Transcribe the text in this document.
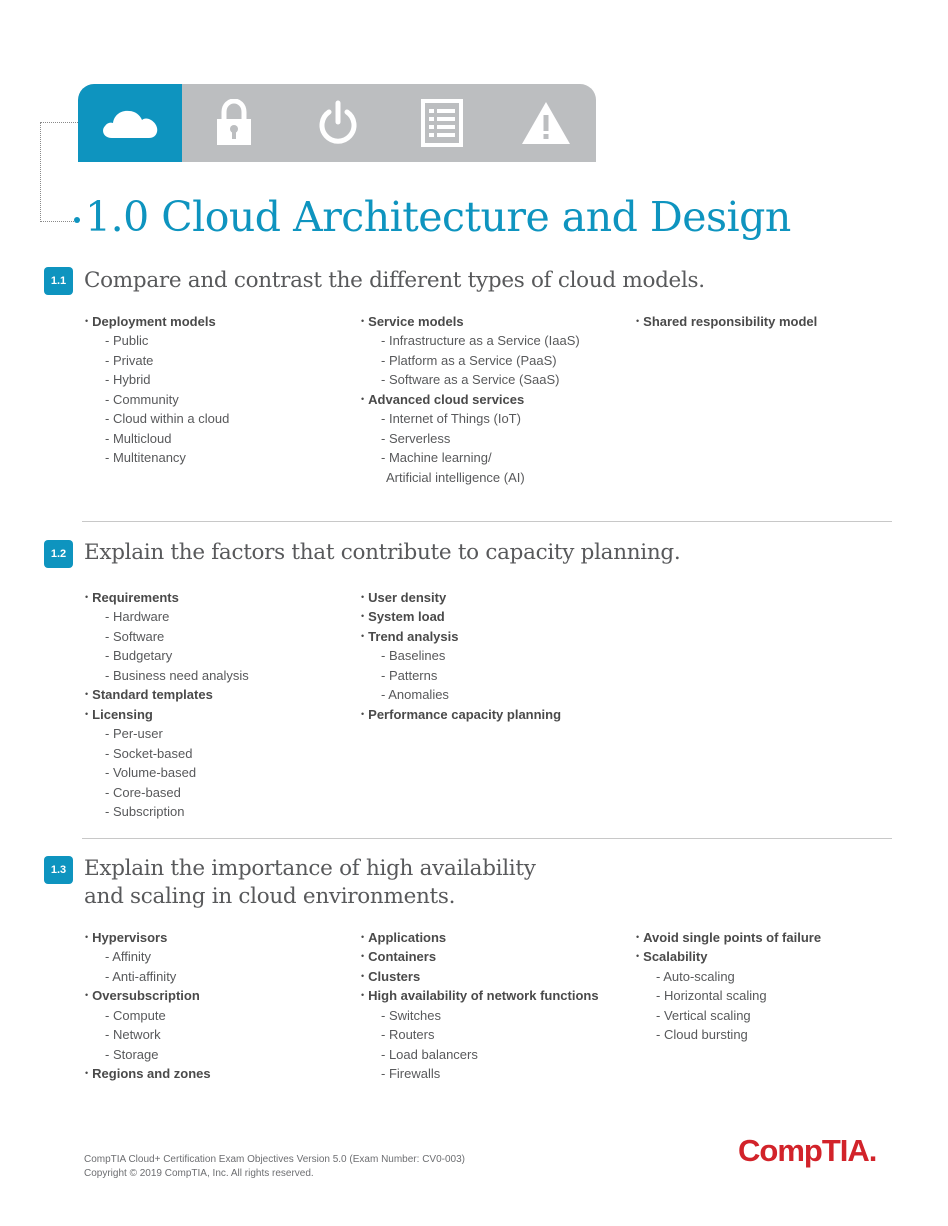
1.0 Cloud Architecture and Design
1.1 Compare and contrast the different types of cloud models.
• Deployment models
- Public
- Private
- Hybrid
- Community
- Cloud within a cloud
- Multicloud
- Multitenancy
• Service models
- Infrastructure as a Service (IaaS)
- Platform as a Service (PaaS)
- Software as a Service (SaaS)
• Advanced cloud services
- Internet of Things (IoT)
- Serverless
- Machine learning/
Artificial intelligence (AI)
• Shared responsibility model
1.2 Explain the factors that contribute to capacity planning.
• Requirements
- Hardware
- Software
- Budgetary
- Business need analysis
• Standard templates
• Licensing
- Per-user
- Socket-based
- Volume-based
- Core-based
- Subscription
• User density
• System load
• Trend analysis
- Baselines
- Patterns
- Anomalies
• Performance capacity planning
1.3 Explain the importance of high availability
and scaling in cloud environments.
• Hypervisors
- Affinity
- Anti-affinity
• Oversubscription
- Compute
- Network
- Storage
• Regions and zones
• Applications
• Containers
• Clusters
• High availability of network functions
- Switches
- Routers
- Load balancers
- Firewalls
• Avoid single points of failure
• Scalability
- Auto-scaling
- Horizontal scaling
- Vertical scaling
- Cloud bursting
CompTIA Cloud+ Certification Exam Objectives Version 5.0 (Exam Number: CV0-003)
Copyright © 2019 CompTIA, Inc. All rights reserved.
CompTIA.
